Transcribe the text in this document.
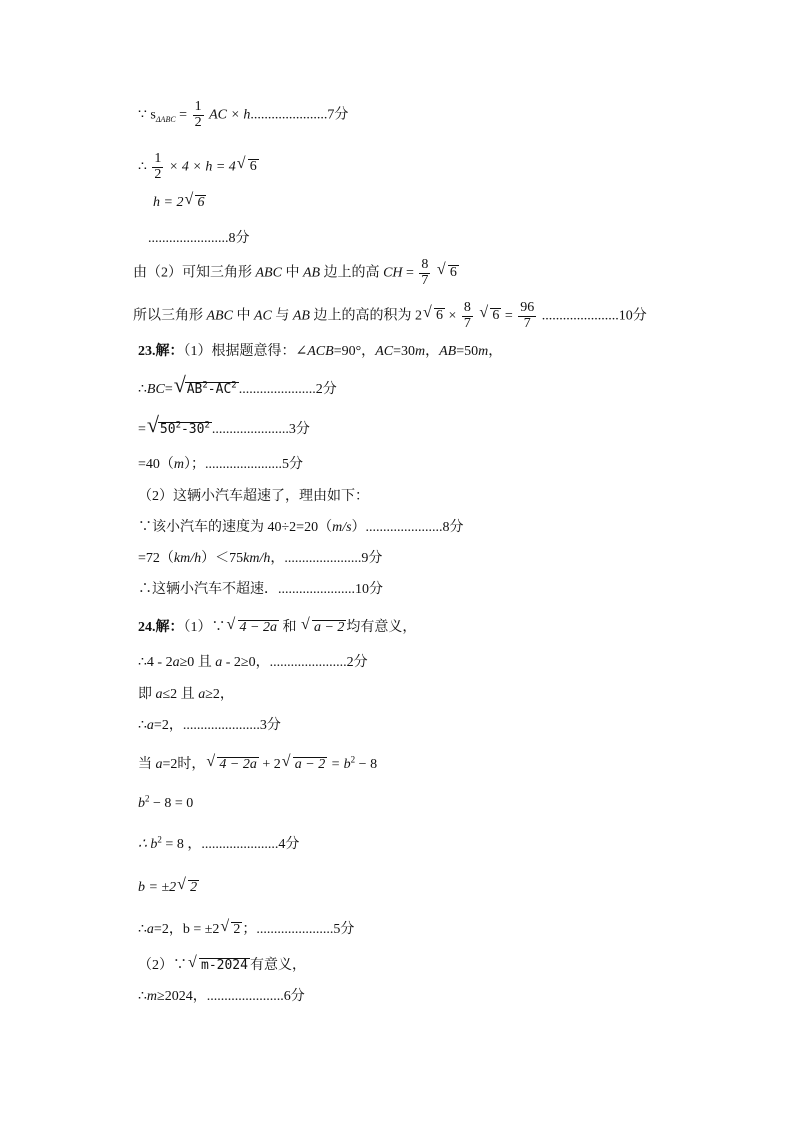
∵ $s_{\Delta ABC} = \frac{1}{2}$ AC × h......................7分
∴ $\frac{1}{2} \times 4 \times h = 4√$ 6
h = 2√ 6
.......................8分
由（2）可知三角形 ABC 中 AB 边上的高 CH = $\frac{8}{7}$
√ 6
所以三角形 ABC 中 AC 与 AB 边上的高的积为 2√ $6 \times \frac{8}{7}$
√ $6 = \frac{96}{7} ......................10$分
23.解：（1）根据题意得：∠ACB=90°，AC=30m，AB=50m，
∴BC=√ $AB^2-AC^2$ ......................2分
=√ $50^2-30^2$ ......................3分
=40（m）；......................5分
（2）这辆小汽车超速了，理由如下：
∵该小汽车的速度为 40÷2=20（m/s）......................8分
=72（km/h）＜75km/h，......................9分
∴这辆小汽车不超速．......................10分
24.解：（1）∵√ 4 − 2a 和 √ a − 2 均有意义，
∴4 - 2a≥0 且 a - 2≥0，......................2分
即 a≤2 且 a≥2，
∴a=2，......................3分
当 a=2时，√ 4 − 2a + 2√ $a - 2 = b^2 - 8$
$b^2 - 8 = 0$
∴ $b^2 = 8$ ，......................4分
b = ±2√ 2
∴a=2，b = ±2√ 2 ；......................5分
（2）∵√ m-2024 有意义，
∴m≥2024，......................6分
